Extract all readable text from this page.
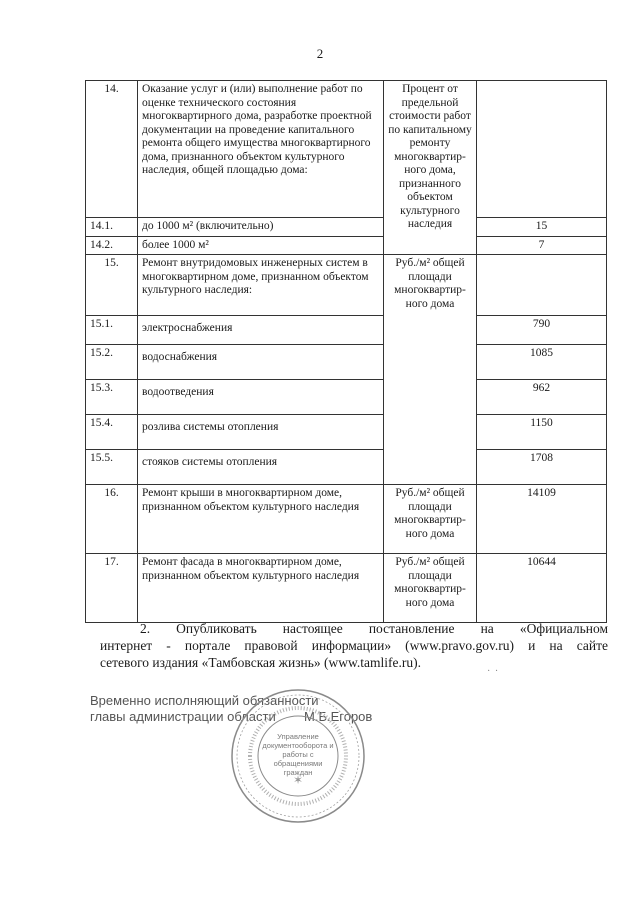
2
14.	Оказание услуг и (или) выполнение работ по оценке технического состояния многоквартирного дома, разработке проектной документации на проведение капитального ремонта общего имущества многоквартирного дома, признанного объектом культурного наследия, общей площадью дома:	Процент от предельной стоимости работ по капитальному ремонту многоквартир-ного дома, признанного объектом культурного наследия	
14.1.	до 1000 м² (включительно)		15
14.2.	более 1000 м²		7
15.	Ремонт внутридомовых инженерных систем в многоквартирном доме, признанном объектом культурного наследия:	Руб./м² общей площади многоквартир-ного дома	
15.1.	электроснабжения		790
15.2.	водоснабжения		1085
15.3.	водоотведения		962
15.4.	розлива системы отопления		1150
15.5.	стояков системы отопления		1708
16.	Ремонт крыши в многоквартирном доме, признанном объектом культурного наследия	Руб./м² общей площади многоквартир-ного дома	14109
17.	Ремонт фасада в многоквартирном доме, признанном объектом культурного наследия	Руб./м² общей площади многоквартир-ного дома	10644
2. Опубликовать настоящее постановление на «Официальном
интернет - портале правовой информации» (www.pravo.gov.ru) и на сайте
сетевого издания «Тамбовская жизнь» (www.tamlife.ru).
· ·
Временно исполняющий обязанности
главы администрации области	М.Б.Егоров
✶
Управление документооборота и работы с обращениями граждан
